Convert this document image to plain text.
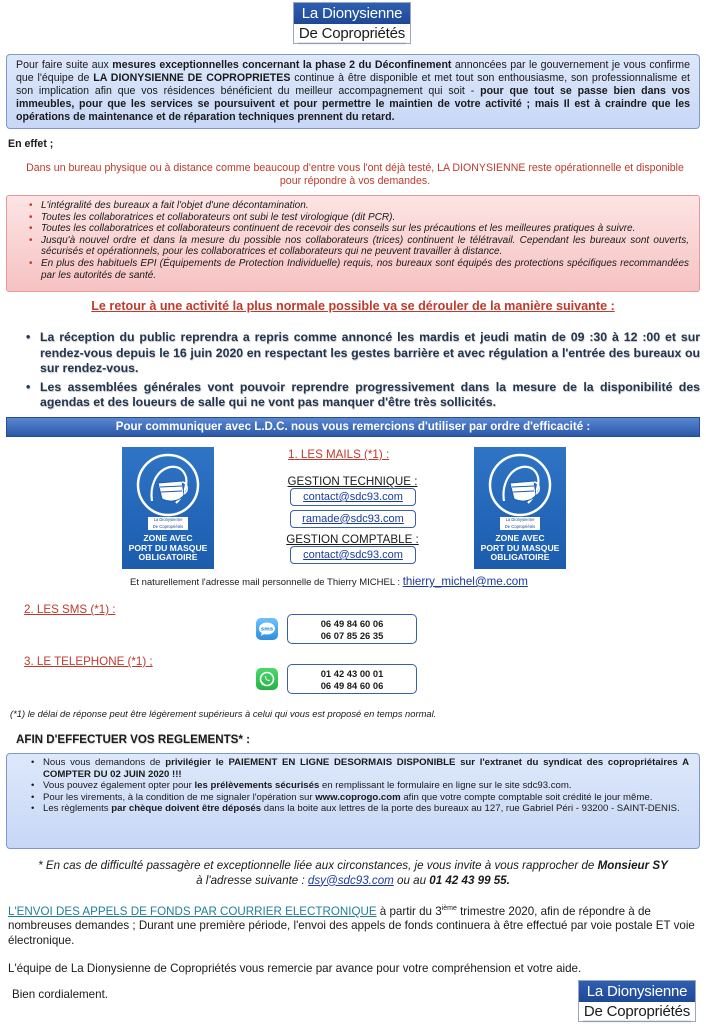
La Dionysienne
De Copropriétés
Pour faire suite aux mesures exceptionnelles concernant la phase 2 du Déconfinement annoncées par le gouvernement je vous confirme que l'équipe de LA DIONYSIENNE DE COPROPRIETES continue à être disponible et met tout son enthousiasme, son professionnalisme et son implication afin que vos résidences bénéficient du meilleur accompagnement qui soit - pour que tout se passe bien dans vos immeubles, pour que les services se poursuivent et pour permettre le maintien de votre activité ; mais Il est à craindre que les opérations de maintenance et de réparation techniques prennent du retard.
En effet ;
Dans un bureau physique ou à distance comme beaucoup d'entre vous l'ont déjà testé, LA DIONYSIENNE reste opérationnelle et disponible pour répondre à vos demandes.
• L'intégralité des bureaux a fait l'objet d'une décontamination.
• Toutes les collaboratrices et collaborateurs ont subi le test virologique (dit PCR).
• Toutes les collaboratrices et collaborateurs continuent de recevoir des conseils sur les précautions et les meilleures pratiques à suivre.
• Jusqu'à nouvel ordre et dans la mesure du possible nos collaborateurs (trices) continuent le télétravail. Cependant les bureaux sont ouverts, sécurisés et opérationnels, pour les collaboratrices et collaborateurs qui ne peuvent travailler à distance.
• En plus des habituels EPI (Équipements de Protection Individuelle) requis, nos bureaux sont équipés des protections spécifiques recommandées par les autorités de santé.
Le retour à une activité la plus normale possible va se dérouler de la manière suivante :
• La réception du public reprendra a repris comme annoncé les mardis et jeudi matin de 09 :30 à 12 :00 et sur rendez-vous depuis le 16 juin 2020 en respectant les gestes barrière et avec régulation a l'entrée des bureaux ou sur rendez-vous.
• Les assemblées générales vont pouvoir reprendre progressivement dans la mesure de la disponibilité des agendas et des loueurs de salle qui ne vont pas manquer d'être très sollicités.
Pour communiquer avec L.D.C. nous vous remercions d'utiliser par ordre d'efficacité :
La Dionysienne
De Copropriétés
ZONE AVEC
PORT DU MASQUE
OBLIGATOIRE
La Dionysienne
De Copropriétés
ZONE AVEC
PORT DU MASQUE
OBLIGATOIRE
1. LES MAILS (*1) :
GESTION TECHNIQUE :
contact@sdc93.com
ramade@sdc93.com
GESTION COMPTABLE :
contact@sdc93.com
Et naturellement l'adresse mail personnelle de Thierry MICHEL : thierry_michel@me.com
2. LES SMS (*1) :
sms
06 49 84 60 06
06 07 85 26 35
3. LE TELEPHONE (*1) ;
01 42 43 00 01
06 49 84 60 06
(*1) le délai de réponse peut être légèrement supérieurs à celui qui vous est proposé en temps normal.
AFIN D'EFFECTUER VOS REGLEMENTS* :
• Nous vous demandons de privilégier le PAIEMENT EN LIGNE DESORMAIS DISPONIBLE sur l'extranet du syndicat des copropriétaires A COMPTER DU 02 JUIN 2020 !!!
• Vous pouvez également opter pour les prélèvements sécurisés en remplissant le formulaire en ligne sur le site sdc93.com.
• Pour les virements, à la condition de me signaler l'opération sur www.coprogo.com afin que votre compte comptable soit crédité le jour même.
• Les règlements par chèque doivent être déposés dans la boite aux lettres de la porte des bureaux au 127, rue Gabriel Péri - 93200 - SAINT-DENIS.
* En cas de difficulté passagère et exceptionnelle liée aux circonstances, je vous invite à vous rapprocher de Monsieur SY
à l'adresse suivante : dsy@sdc93.com ou au 01 42 43 99 55.
L'ENVOI DES APPELS DE FONDS PAR COURRIER ELECTRONIQUE à partir du 3ième trimestre 2020, afin de répondre à de nombreuses demandes ; Durant une première période, l'envoi des appels de fonds continuera à être effectué par voie postale ET voie électronique.
L'équipe de La Dionysienne de Copropriétés vous remercie par avance pour votre compréhension et votre aide.
Bien cordialement.	La Dionysienne
De Copropriétés
